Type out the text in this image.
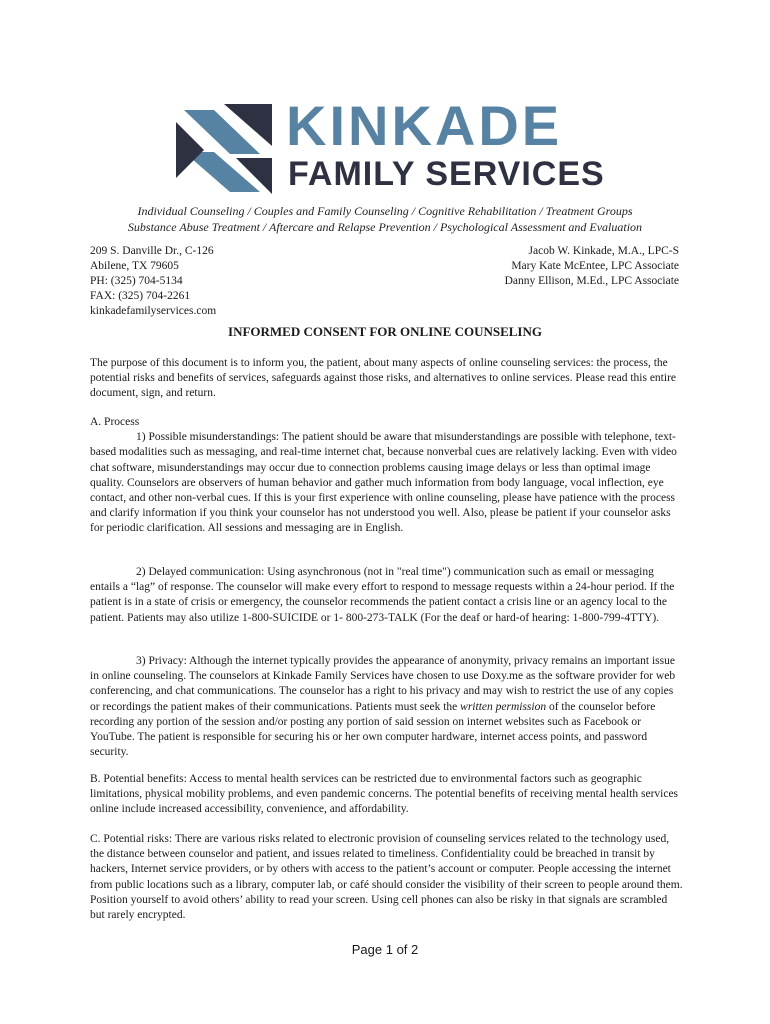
KINKADE
FAMILY SERVICES
Individual Counseling / Couples and Family Counseling / Cognitive Rehabilitation / Treatment Groups
Substance Abuse Treatment / Aftercare and Relapse Prevention / Psychological Assessment and Evaluation
209 S. Danville Dr., C-126
Abilene, TX 79605
PH: (325) 704-5134
FAX: (325) 704-2261
kinkadefamilyservices.com
Jacob W. Kinkade, M.A., LPC-S
Mary Kate McEntee, LPC Associate
Danny Ellison, M.Ed., LPC Associate
INFORMED CONSENT FOR ONLINE COUNSELING

The purpose of this document is to inform you, the patient, about many aspects of online counseling services: the process, the potential risks and benefits of services, safeguards against those risks, and alternatives to online services. Please read this entire document, sign, and return.

A. Process

1) Possible misunderstandings: The patient should be aware that misunderstandings are possible with telephone, text-based modalities such as messaging, and real-time internet chat, because nonverbal cues are relatively lacking. Even with video chat software, misunderstandings may occur due to connection problems causing image delays or less than optimal image quality. Counselors are observers of human behavior and gather much information from body language, vocal inflection, eye contact, and other non-verbal cues. If this is your first experience with online counseling, please have patience with the process and clarify information if you think your counselor has not understood you well. Also, please be patient if your counselor asks for periodic clarification. All sessions and messaging are in English.

2) Delayed communication: Using asynchronous (not in "real time") communication such as email or messaging entails a “lag” of response. The counselor will make every effort to respond to message requests within a 24-hour period. If the patient is in a state of crisis or emergency, the counselor recommends the patient contact a crisis line or an agency local to the patient. Patients may also utilize 1-800-SUICIDE or 1- 800-273-TALK (For the deaf or hard-of hearing: 1-800-799-4TTY).

3) Privacy: Although the internet typically provides the appearance of anonymity, privacy remains an important issue in online counseling. The counselors at Kinkade Family Services have chosen to use Doxy.me as the software provider for web conferencing, and chat communications. The counselor has a right to his privacy and may wish to restrict the use of any copies or recordings the patient makes of their communications. Patients must seek the written permission of the counselor before recording any portion of the session and/or posting any portion of said session on internet websites such as Facebook or YouTube. The patient is responsible for securing his or her own computer hardware, internet access points, and password security.

B. Potential benefits: Access to mental health services can be restricted due to environmental factors such as geographic limitations, physical mobility problems, and even pandemic concerns. The potential benefits of receiving mental health services online include increased accessibility, convenience, and affordability.

C. Potential risks: There are various risks related to electronic provision of counseling services related to the technology used, the distance between counselor and patient, and issues related to timeliness. Confidentiality could be breached in transit by hackers, Internet service providers, or by others with access to the patient’s account or computer. People accessing the internet from public locations such as a library, computer lab, or café should consider the visibility of their screen to people around them. Position yourself to avoid others’ ability to read your screen. Using cell phones can also be risky in that signals are scrambled but rarely encrypted.

Page 1 of 2
